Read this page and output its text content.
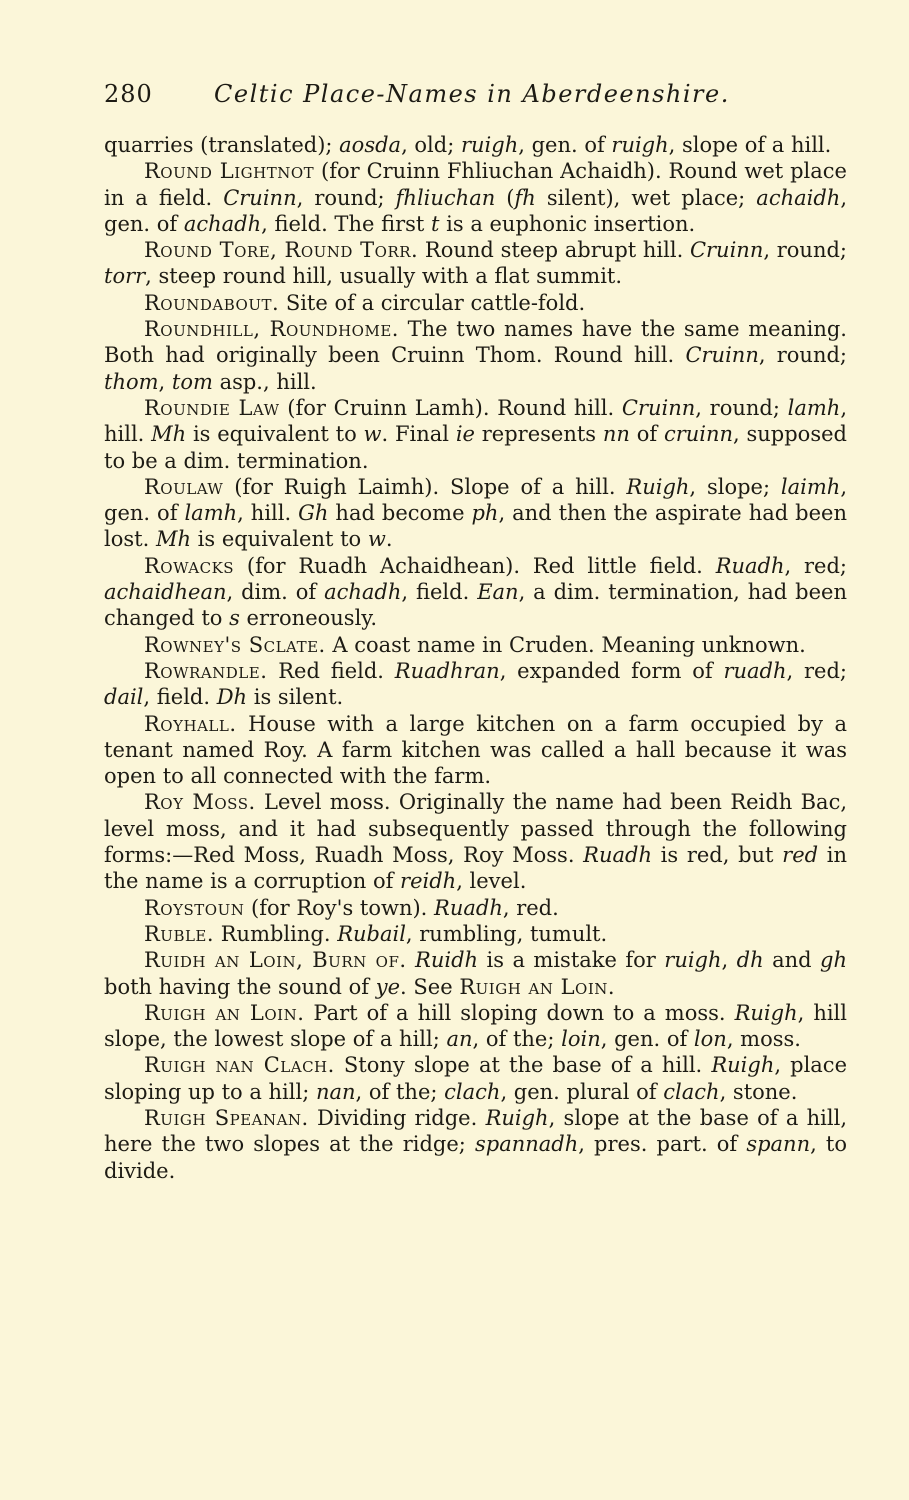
280	Celtic Place-Names in Aberdeenshire.

quarries (translated); aosda, old; ruigh, gen. of ruigh, slope of a hill.

Round Lightnot (for Cruinn Fhliuchan Achaidh). Round wet place in a field. Cruinn, round; fhliuchan (fh silent), wet place; achaidh, gen. of achadh, field. The first t is a euphonic insertion.

Round Tore, Round Torr. Round steep abrupt hill. Cruinn, round; torr, steep round hill, usually with a flat summit.

Roundabout. Site of a circular cattle-fold.

Roundhill, Roundhome. The two names have the same meaning. Both had originally been Cruinn Thom. Round hill. Cruinn, round; thom, tom asp., hill.

Roundie Law (for Cruinn Lamh). Round hill. Cruinn, round; lamh, hill. Mh is equivalent to w. Final ie represents nn of cruinn, supposed to be a dim. termination.

Roulaw (for Ruigh Laimh). Slope of a hill. Ruigh, slope; laimh, gen. of lamh, hill. Gh had become ph, and then the aspirate had been lost. Mh is equivalent to w.

Rowacks (for Ruadh Achaidhean). Red little field. Ruadh, red; achaidhean, dim. of achadh, field. Ean, a dim. termination, had been changed to s erroneously.

Rowney's Sclate. A coast name in Cruden. Meaning unknown.

Rowrandle. Red field. Ruadhran, expanded form of ruadh, red; dail, field. Dh is silent.

Royhall. House with a large kitchen on a farm occupied by a tenant named Roy. A farm kitchen was called a hall because it was open to all connected with the farm.

Roy Moss. Level moss. Originally the name had been Reidh Bac, level moss, and it had subsequently passed through the following forms:—Red Moss, Ruadh Moss, Roy Moss. Ruadh is red, but red in the name is a corruption of reidh, level.

Roystoun (for Roy's town). Ruadh, red.

Ruble. Rumbling. Rubail, rumbling, tumult.

Ruidh an Loin, Burn of. Ruidh is a mistake for ruigh, dh and gh both having the sound of ye. See Ruigh an Loin.

Ruigh an Loin. Part of a hill sloping down to a moss. Ruigh, hill slope, the lowest slope of a hill; an, of the; loin, gen. of lon, moss.

Ruigh nan Clach. Stony slope at the base of a hill. Ruigh, place sloping up to a hill; nan, of the; clach, gen. plural of clach, stone.

Ruigh Speanan. Dividing ridge. Ruigh, slope at the base of a hill, here the two slopes at the ridge; spannadh, pres. part. of spann, to divide.
